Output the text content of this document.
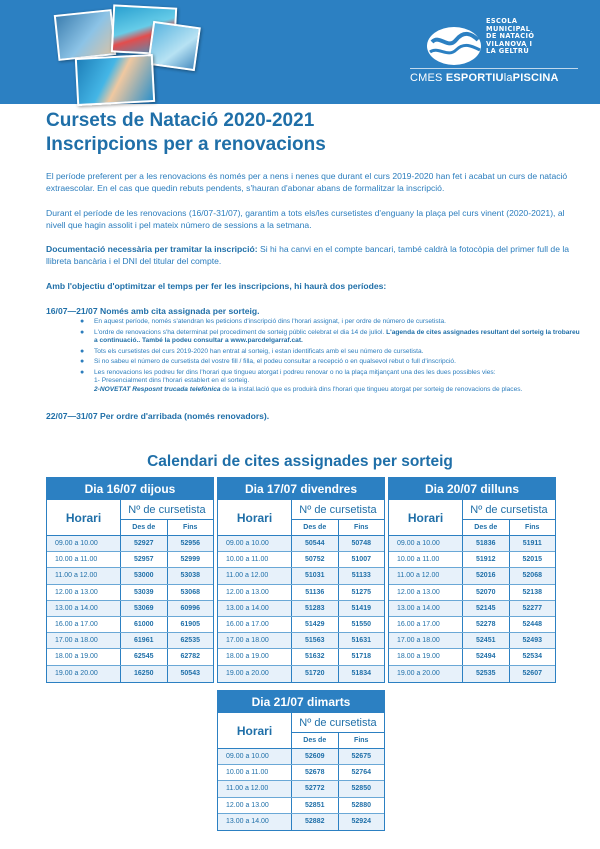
ESCOLA
MUNICIPAL
DE NATACIÓ
VILANOVA I
LA GELTRÚ
CMES ESPORTIUlaPISCINA
Cursets de Natació 2020-2021
Inscripcions per a renovacions
El període preferent per a les renovacions és només per a nens i nenes que durant el curs 2019-2020 han fet i acabat un curs de natació extraescolar. En el cas que quedin rebuts pendents, s'hauran d'abonar abans de formalitzar la inscripció.
Durant el període de les renovacions (16/07-31/07), garantim a tots els/les cursetistes d'enguany la plaça pel curs vinent (2020-2021), al nivell que hagin assolit i pel mateix número de sessions a la setmana.
Documentació necessària per tramitar la inscripció: Si hi ha canvi en el compte bancari, també caldrà la fotocòpia del primer full de la llibreta bancària i el DNI del titular del compte.
Amb l'objectiu d'optimitzar el temps per fer les inscripcions, hi haurà dos períodes:
16/07—21/07 Només amb cita assignada per sorteig.
● En aquest període, només s'atendran les peticions d'inscripció dins l'horari assignat, i per ordre de número de cursetista.
● L'ordre de renovacions s'ha determinat pel procediment de sorteig públic celebrat el dia 14 de juliol. L'agenda de cites assignades resultant del sorteig la trobareu a continuació.. També la podeu consultar a www.parcdelgarraf.cat.
● Tots els cursetistes del curs 2019-2020 han entrat al sorteig, i estan identificats amb el seu número de cursetista.
● Si no sabeu el número de cursetista del vostre fill / filla, el podeu consultar a recepció o en qualsevol rebut o full d'inscripció.
● Les renovacions les podreu fer dins l'horari que tingueu atorgat i podreu renovar o no la plaça mitjançant una des les dues possibles vies:
1- Presencialment dins l'horari establert en el sorteig.
2-NOVETAT Resposnt trucada telefònica de la instal.lació que es produirà dins l'horari que tingueu atorgat per sorteig de renovacions de places.
22/07—31/07 Per ordre d'arribada (només renovadors).
Calendari de cites assignades per sorteig
Dia 16/07 dijous
Horari
Nº de cursetista
Des de	Fins
09.00 a 10.00	52927	52956
10.00 a 11.00	52957	52999
11.00 a 12.00	53000	53038
12.00 a 13.00	53039	53068
13.00 a 14.00	53069	60996
16.00 a 17.00	61000	61905
17.00 a 18.00	61961	62535
18.00 a 19.00	62545	62782
19.00 a 20.00	16250	50543
Dia 17/07 divendres
Horari
Nº de cursetista
Des de	Fins
09.00 a 10.00	50544	50748
10.00 a 11.00	50752	51007
11.00 a 12.00	51031	51133
12.00 a 13.00	51136	51275
13.00 a 14.00	51283	51419
16.00 a 17.00	51429	51550
17.00 a 18.00	51563	51631
18.00 a 19.00	51632	51718
19.00 a 20.00	51720	51834
Dia 20/07 dilluns
Horari
Nº de cursetista
Des de	Fins
09.00 a 10.00	51836	51911
10.00 a 11.00	51912	52015
11.00 a 12.00	52016	52068
12.00 a 13.00	52070	52138
13.00 a 14.00	52145	52277
16.00 a 17.00	52278	52448
17.00 a 18.00	52451	52493
18.00 a 19.00	52494	52534
19.00 a 20.00	52535	52607
Dia 21/07 dimarts
Horari
Nº de cursetista
Des de	Fins
09.00 a 10.00	52609	52675
10.00 a 11.00	52678	52764
11.00 a 12.00	52772	52850
12.00 a 13.00	52851	52880
13.00 a 14.00	52882	52924
